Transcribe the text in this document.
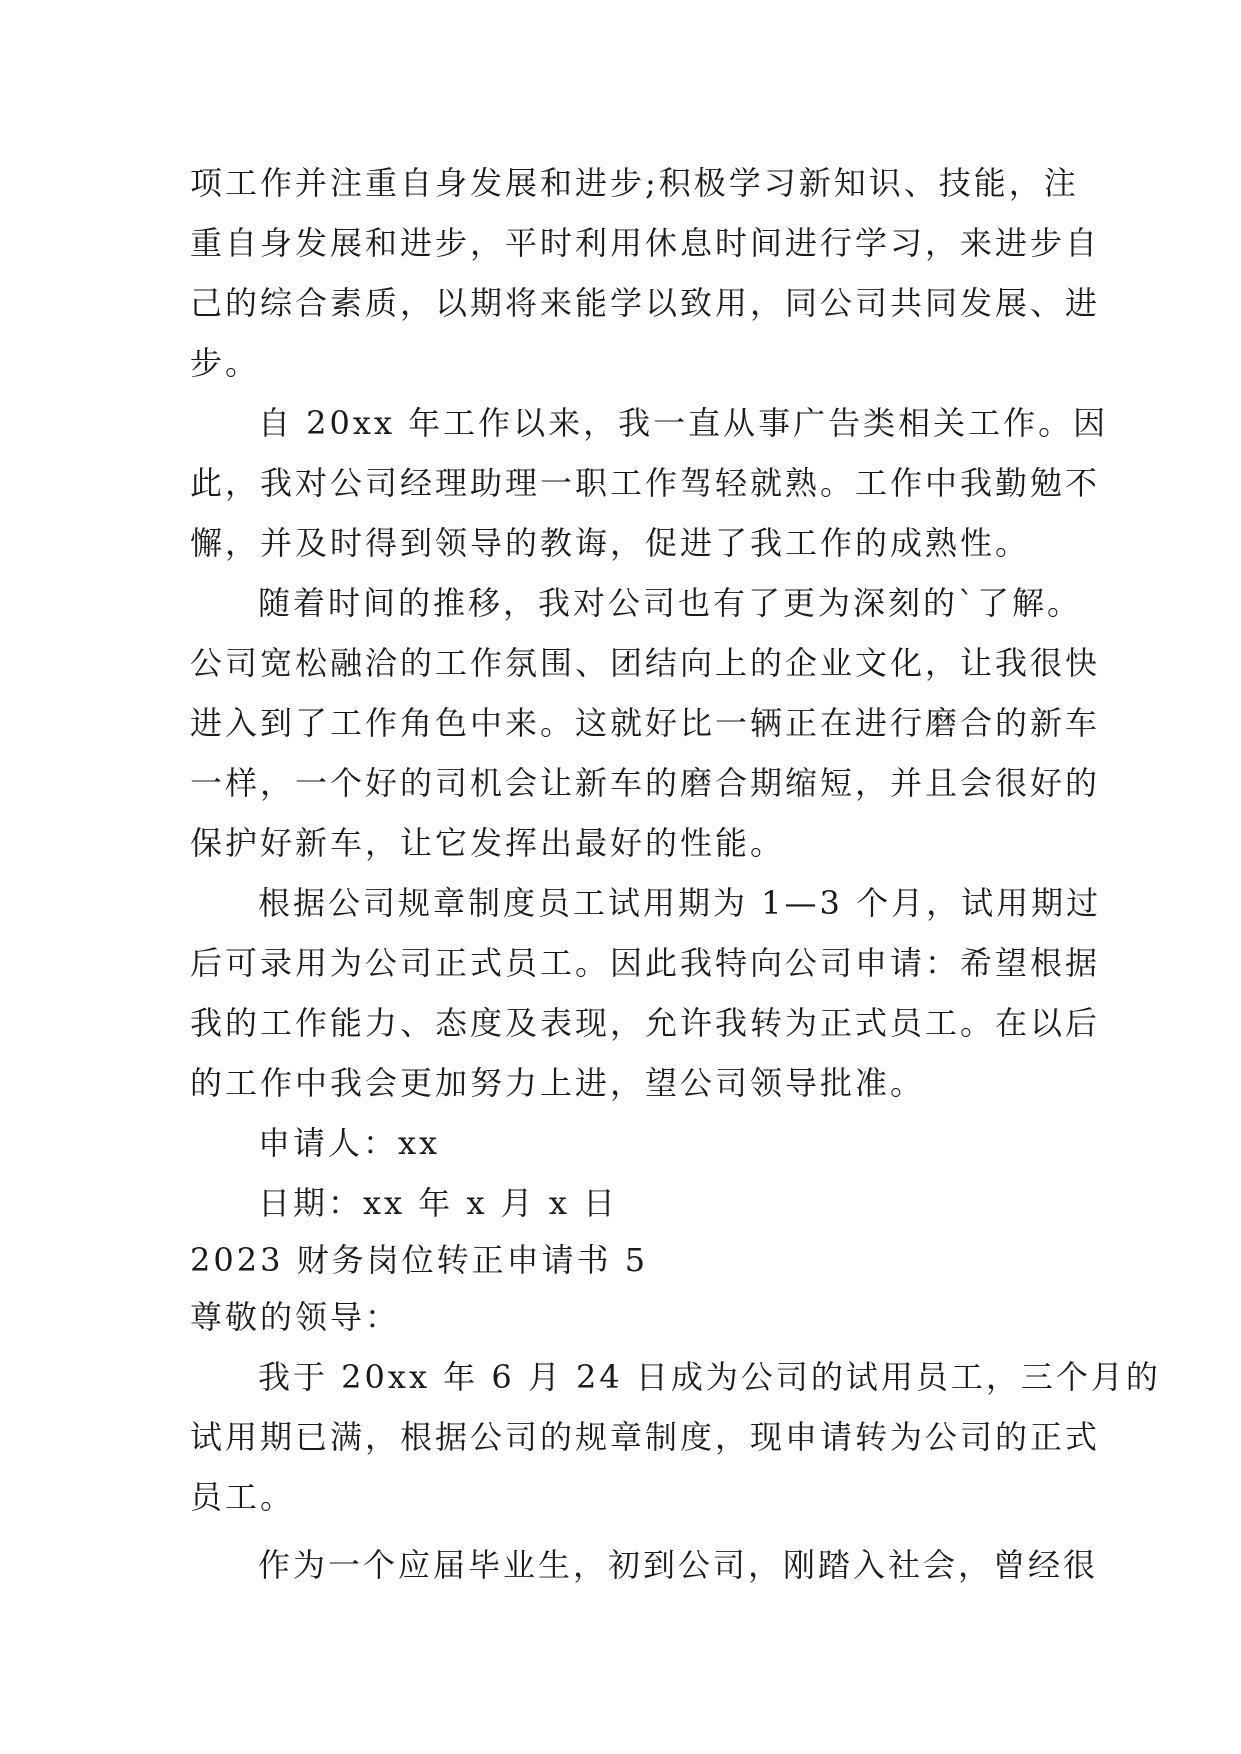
项工作并注重自身发展和进步;积极学习新知识、技能，注
重自身发展和进步，平时利用休息时间进行学习，来进步自
己的综合素质，以期将来能学以致用，同公司共同发展、进
步。
自 20xx 年工作以来，我一直从事广告类相关工作。因
此，我对公司经理助理一职工作驾轻就熟。工作中我勤勉不
懈，并及时得到领导的教诲，促进了我工作的成熟性。
随着时间的推移，我对公司也有了更为深刻的`了解。
公司宽松融洽的工作氛围、团结向上的企业文化，让我很快
进入到了工作角色中来。这就好比一辆正在进行磨合的新车
一样，一个好的司机会让新车的磨合期缩短，并且会很好的
保护好新车，让它发挥出最好的性能。
根据公司规章制度员工试用期为 1—3 个月，试用期过
后可录用为公司正式员工。因此我特向公司申请：希望根据
我的工作能力、态度及表现，允许我转为正式员工。在以后
的工作中我会更加努力上进，望公司领导批准。
申请人：xx
日期：xx 年 x 月 x 日
2023 财务岗位转正申请书 5
尊敬的领导：
我于 20xx 年 6 月 24 日成为公司的试用员工，三个月的
试用期已满，根据公司的规章制度，现申请转为公司的正式
员工。
作为一个应届毕业生，初到公司，刚踏入社会，曾经很
